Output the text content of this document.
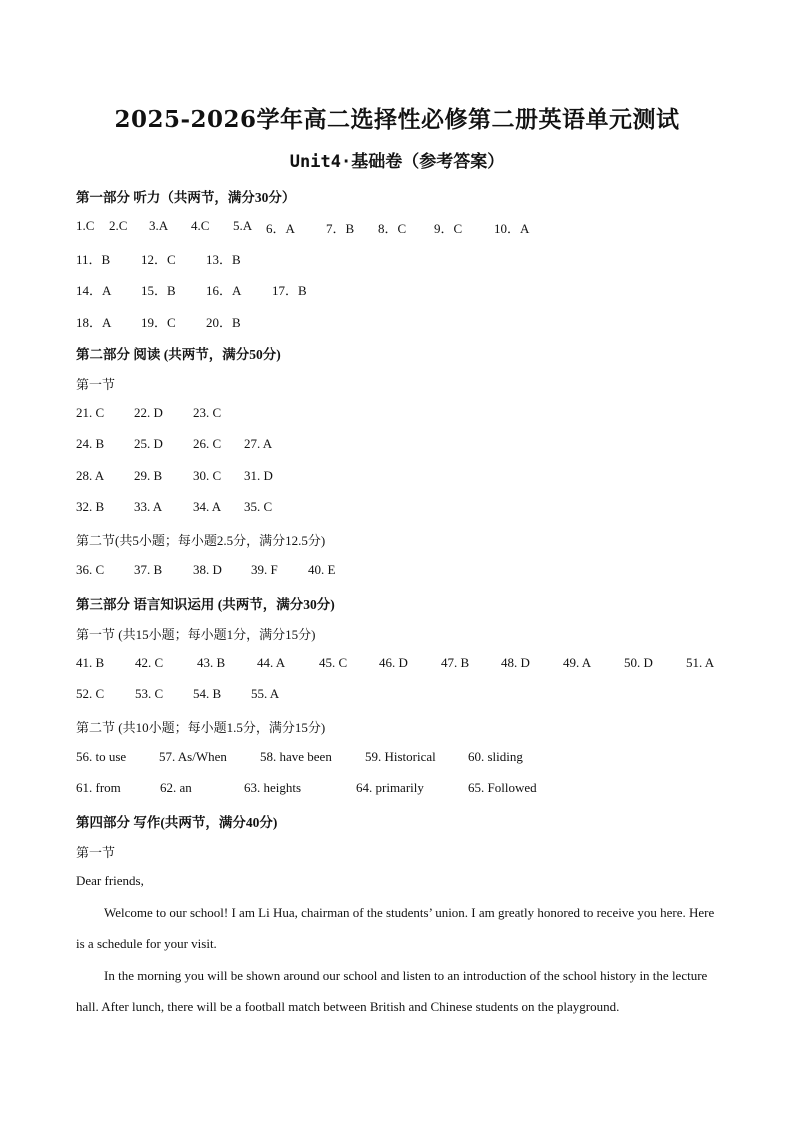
2025-2026学年高二选择性必修第二册英语单元测试
Unit4·基础卷（参考答案）
第一部分 听力（共两节，满分30分）
1.C 2.C 3.A 4.C 5.A 6．A 7．B 8．C 9．C 10．A
11．B 12．C 13．B
14．A 15．B 16．A 17．B
18．A 19．C 20．B
第二部分 阅读 (共两节，满分50分)
第一节
21. C 22. D 23. C
24. B 25. D 26. C 27. A
28. A 29. B 30. C 31. D
32. B 33. A 34. A 35. C
第二节(共5小题；每小题2.5分，满分12.5分)
36. C 37. B 38. D 39. F 40. E
第三部分 语言知识运用 (共两节，满分30分)
第一节 (共15小题；每小题1分，满分15分)
41. B 42. C	43. B 44. A	45. C 46. D	47. B 48. D	49. A	50. D	51. A
52. C 53. C 54. B 55. A
第二节 (共10小题；每小题1.5分，满分15分)
56. to use	57. As/When	58. have been	59. Historical 60. sliding
61. from	62. an	63. heights	64. primarily	65. Followed
第四部分 写作(共两节，满分40分)
第一节
Dear friends,
Welcome to our school! I am Li Hua, chairman of the students’ union. I am greatly honored to receive you here. Here is a schedule for your visit.
In the morning you will be shown around our school and listen to an introduction of the school history in the lecture hall. After lunch, there will be a football match between British and Chinese students on the playground.
